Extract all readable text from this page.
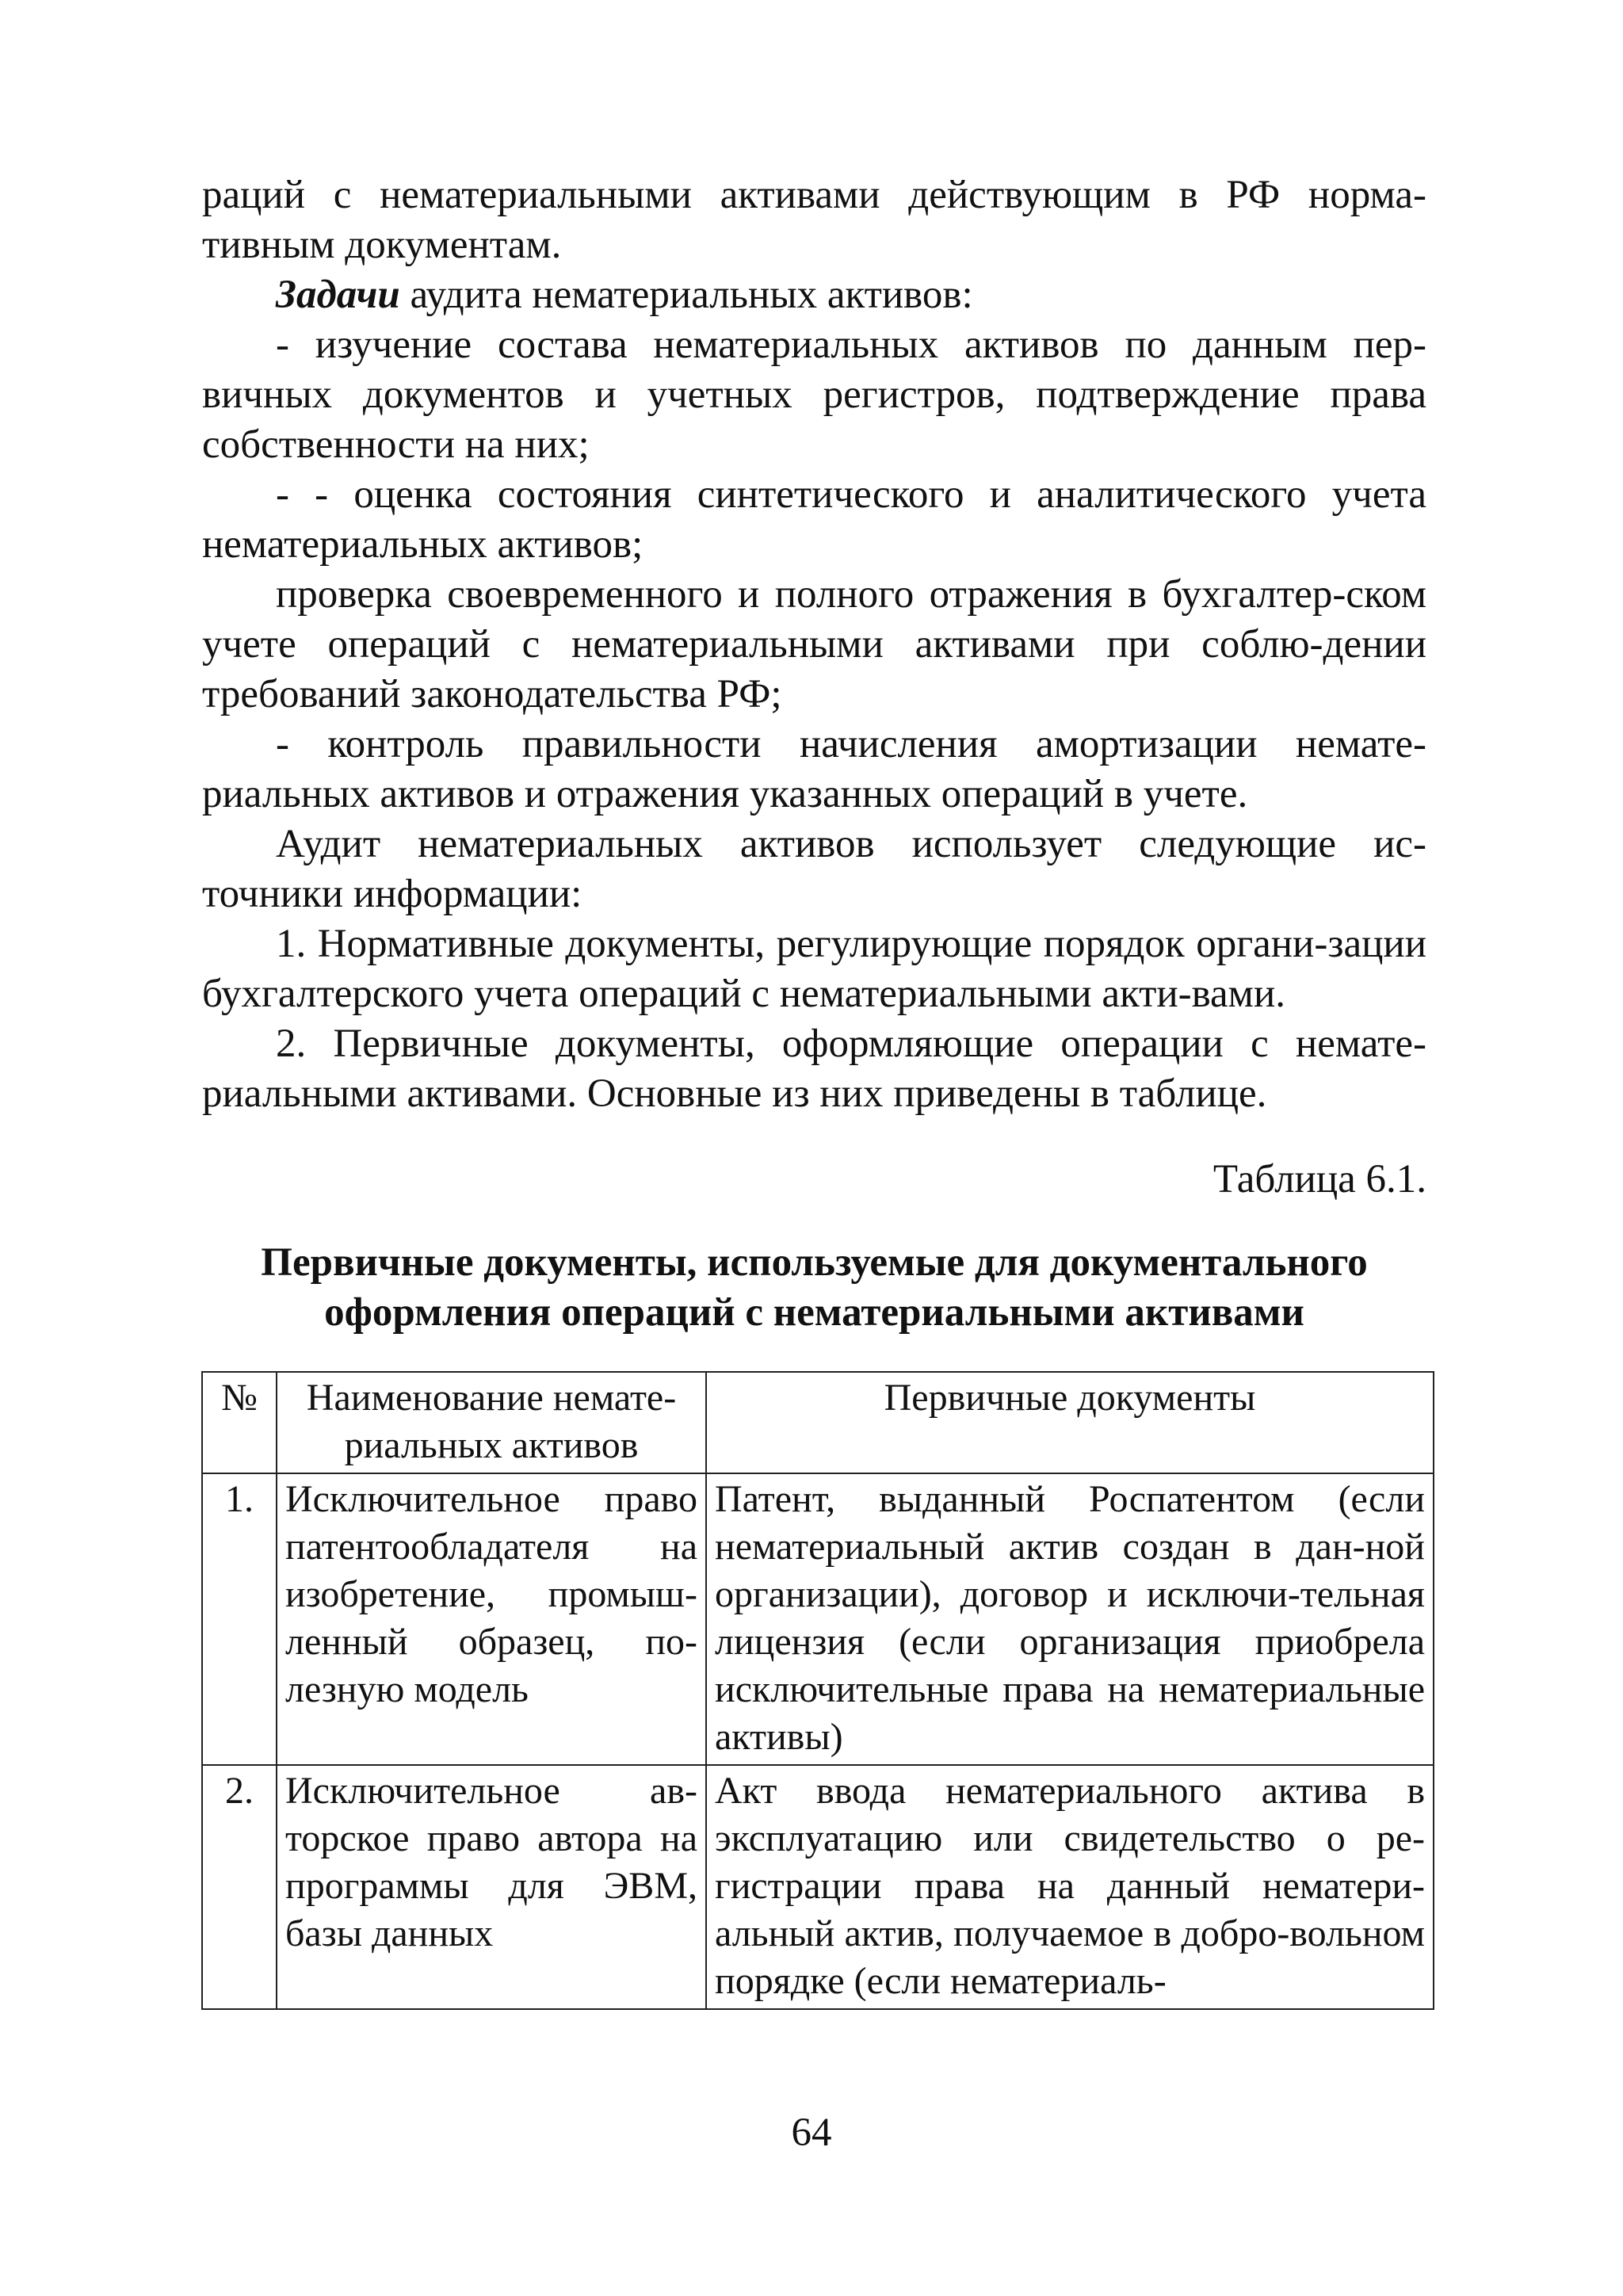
раций с нематериальными активами действующим в РФ норма-тивным документам.

Задачи аудита нематериальных активов:

- изучение состава нематериальных активов по данным пер-вичных документов и учетных регистров, подтверждение права собственности на них;

- - оценка состояния синтетического и аналитического учета нематериальных активов;

проверка своевременного и полного отражения в бухгалтер-ском учете операций с нематериальными активами при соблю-дении требований законодательства РФ;

- контроль правильности начисления амортизации немате-риальных активов и отражения указанных операций в учете.

Аудит нематериальных активов использует следующие ис-точники информации:

1. Нормативные документы, регулирующие порядок органи-зации бухгалтерского учета операций с нематериальными акти-вами.

2. Первичные документы, оформляющие операции с немате-риальными активами. Основные из них приведены в таблице.

Таблица 6.1.

Первичные документы, используемые для документального
оформления операций с нематериальными активами
№	Наименование немате-риальных активов	Первичные документы
1.	Исключительное право патентообладателя на изобретение, промыш-ленный образец, по-лезную модель	Патент, выданный Роспатентом (если нематериальный актив создан в дан-ной организации), договор и исключи-тельная лицензия (если организация приобрела исключительные права на нематериальные активы)
2.	Исключительное ав-торское право автора на программы для ЭВМ, базы данных	Акт ввода нематериального актива в эксплуатацию или свидетельство о ре-гистрации права на данный нематери-альный актив, получаемое в добро-вольном порядке (если нематериаль-
64
